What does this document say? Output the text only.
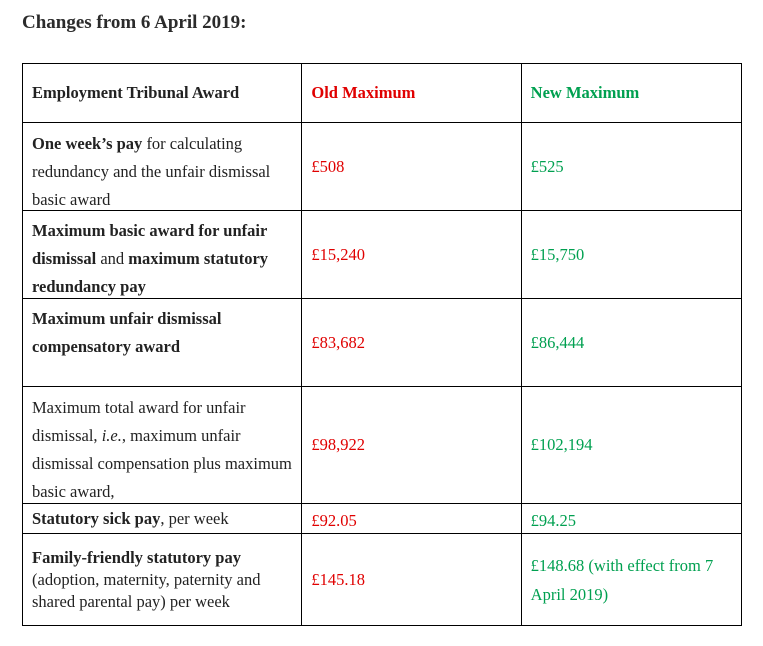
Changes from 6 April 2019:
Employment Tribunal Award	Old Maximum	New Maximum

One week’s pay for calculating redundancy and the unfair dismissal basic award	£508	£525

Maximum basic award for unfair dismissal and maximum statutory redundancy pay	£15,240	£15,750

Maximum unfair dismissal compensatory award	£83,682	£86,444

Maximum total award for unfair dismissal, i.e., maximum unfair dismissal compensation plus maximum basic award,	£98,922	£102,194

Statutory sick pay, per week	£92.05	£94.25

Family-friendly statutory pay (adoption, maternity, paternity and shared parental pay) per week	£145.18	£148.68 (with effect from 7 April 2019)
